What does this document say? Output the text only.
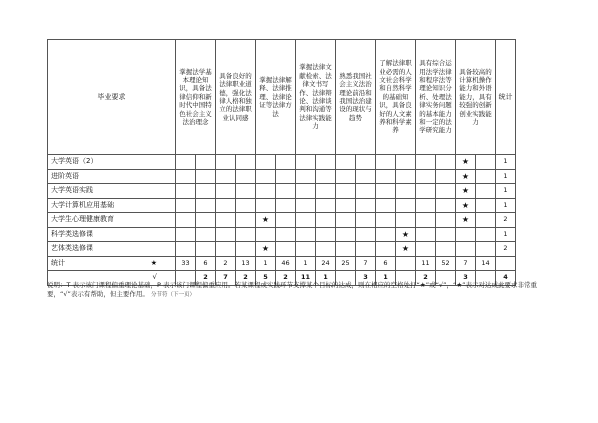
毕业要求	掌握法学基本理论知识，具备法律信仰和新时代中国特色社会主义法治理念		具备良好的法律职业道德，强化法律人格和独立的法律职业认同感		掌握法律解释、法律推理、法律论证等法律方法		掌握法律文献检索、法律文书写作、法律辩论、法律谈判和沟通等法律实践能力		熟悉我国社会主义法治理论前沿和我国法治建设的现状与趋势		了解法律职业必需的人文社会科学和自然科学的基础知识，具备良好的人文素养和科学素养		具有综合运用法学法律和程序法等理论知识分析、处理法律实务问题的基本能力和一定的法学研究能力		具备较高的计算机操作能力和外语能力，具有较强的创新创业实践能力		统计
大学英语（2）															★		1
进阶英语															★		1
大学英语实践															★		1
大学计算机应用基础															★		1
大学生心理健康教育					★										★		2
科学类选修课												★					1
艺体类选修课					★							★					2
统计 ★	33	6	2	13	1	46	1	24	25	7	6		11	52	7	14	

√		2	7	2	5	2	11	1		3	1		2		3		4

说明：T 表示该门课程偏重理论基础，P 表示该门课程偏重应用。若某课程或实践环节支撑某个目标的达成，则在相应的空格处打“★”或“√”，“★”表示对达成此要求非常重要，“√”表示有帮助，但主要作用。 分节符（下一页）
